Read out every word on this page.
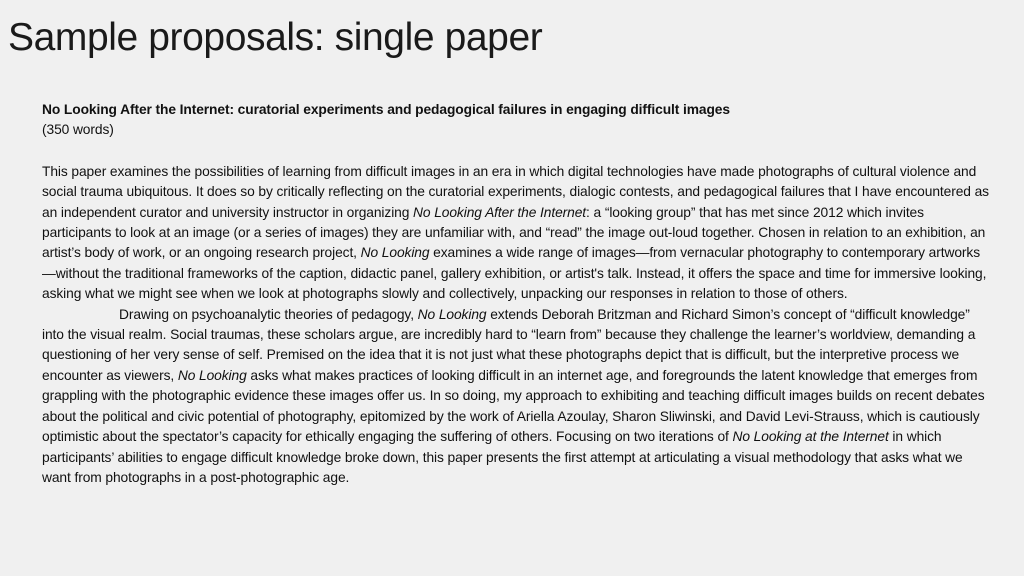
Sample proposals: single paper

No Looking After the Internet: curatorial experiments and pedagogical failures in engaging difficult images

(350 words)

This paper examines the possibilities of learning from difficult images in an era in which digital technologies have made photographs of cultural violence and social trauma ubiquitous. It does so by critically reflecting on the curatorial experiments, dialogic contests, and pedagogical failures that I have encountered as an independent curator and university instructor in organizing No Looking After the Internet: a “looking group” that has met since 2012 which invites participants to look at an image (or a series of images) they are unfamiliar with, and “read” the image out-loud together. Chosen in relation to an exhibition, an artist’s body of work, or an ongoing research project, No Looking examines a wide range of images—from vernacular photography to contemporary artworks—without the traditional frameworks of the caption, didactic panel, gallery exhibition, or artist's talk. Instead, it offers the space and time for immersive looking, asking what we might see when we look at photographs slowly and collectively, unpacking our responses in relation to those of others.

Drawing on psychoanalytic theories of pedagogy, No Looking extends Deborah Britzman and Richard Simon’s concept of “difficult knowledge” into the visual realm. Social traumas, these scholars argue, are incredibly hard to “learn from” because they challenge the learner’s worldview, demanding a questioning of her very sense of self. Premised on the idea that it is not just what these photographs depict that is difficult, but the interpretive process we encounter as viewers, No Looking asks what makes practices of looking difficult in an internet age, and foregrounds the latent knowledge that emerges from grappling with the photographic evidence these images offer us. In so doing, my approach to exhibiting and teaching difficult images builds on recent debates about the political and civic potential of photography, epitomized by the work of Ariella Azoulay, Sharon Sliwinski, and David Levi-Strauss, which is cautiously optimistic about the spectator’s capacity for ethically engaging the suffering of others. Focusing on two iterations of No Looking at the Internet in which participants’ abilities to engage difficult knowledge broke down, this paper presents the first attempt at articulating a visual methodology that asks what we want from photographs in a post-photographic age.
